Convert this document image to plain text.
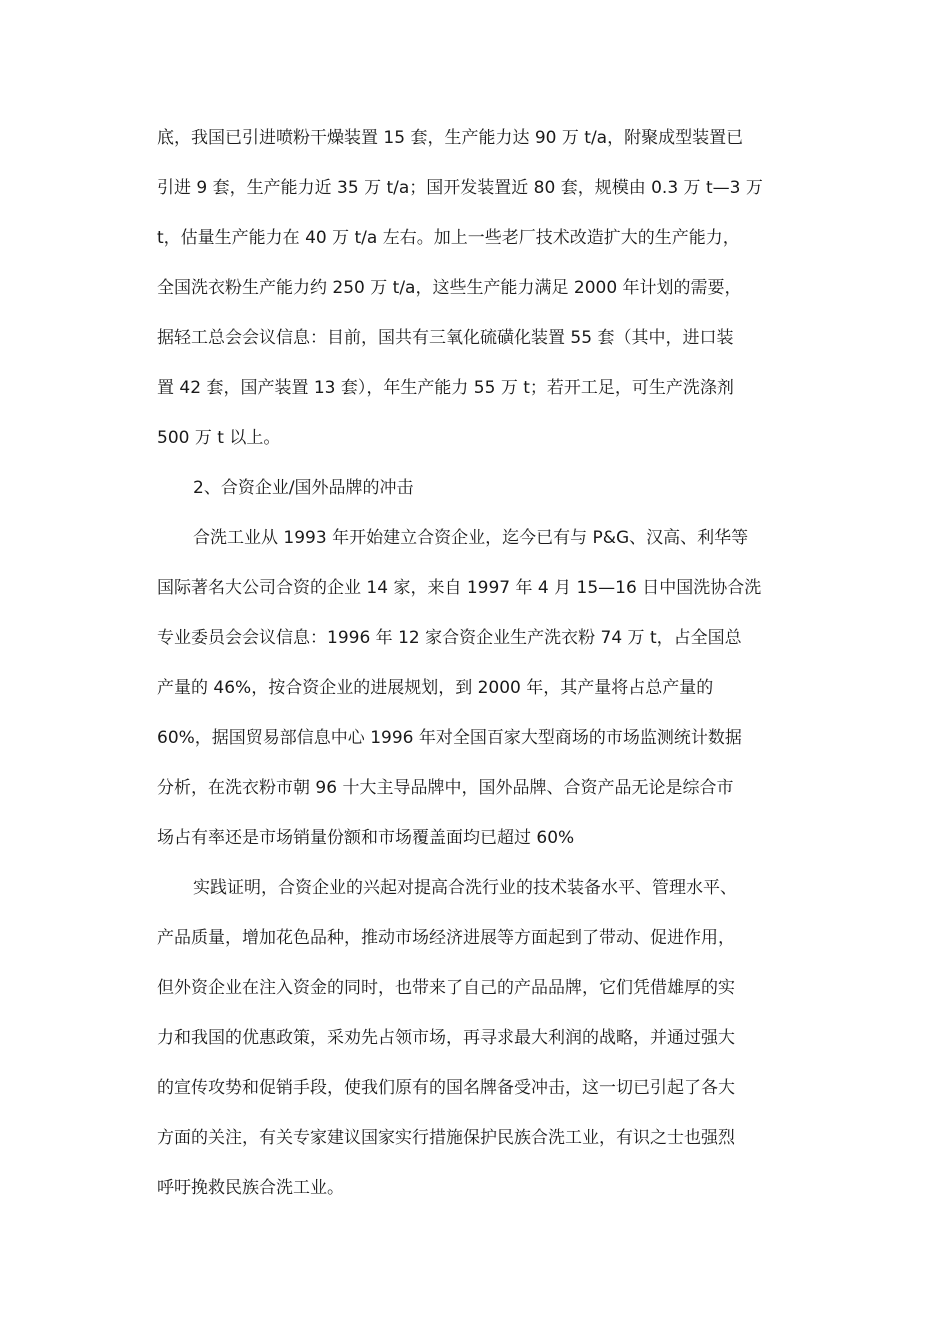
底，我国已引进喷粉干燥装置 15 套，生产能力达 90 万 t/a，附聚成型装置已
引进 9 套，生产能力近 35 万 t/a；国开发装置近 80 套，规模由 0.3 万 t—3 万
t，估量生产能力在 40 万 t/a 左右。加上一些老厂技术改造扩大的生产能力，
全国洗衣粉生产能力约 250 万 t/a，这些生产能力满足 2000 年计划的需要，
据轻工总会会议信息：目前，国共有三氧化硫磺化装置 55 套（其中，进口装
置 42 套，国产装置 13 套），年生产能力 55 万 t；若开工足，可生产洗涤剂
500 万 t 以上。
2、合资企业/国外品牌的冲击
合洗工业从 1993 年开始建立合资企业，迄今已有与 P&G、汉高、利华等
国际著名大公司合资的企业 14 家，来自 1997 年 4 月 15—16 日中国洗协合洗
专业委员会会议信息：1996 年 12 家合资企业生产洗衣粉 74 万 t，占全国总
产量的 46%，按合资企业的进展规划，到 2000 年，其产量将占总产量的
60%，据国贸易部信息中心 1996 年对全国百家大型商场的市场监测统计数据
分析，在洗衣粉市朝 96 十大主导品牌中，国外品牌、合资产品无论是综合市
场占有率还是市场销量份额和市场覆盖面均已超过 60%
实践证明，合资企业的兴起对提高合洗行业的技术装备水平、管理水平、
产品质量，增加花色品种，推动市场经济进展等方面起到了带动、促进作用，
但外资企业在注入资金的同时，也带来了自己的产品品牌，它们凭借雄厚的实
力和我国的优惠政策，采劝先占领市场，再寻求最大利润的战略，并通过强大
的宣传攻势和促销手段，使我们原有的国名牌备受冲击，这一切已引起了各大
方面的关注，有关专家建议国家实行措施保护民族合洗工业，有识之士也强烈
呼吁挽救民族合洗工业。
